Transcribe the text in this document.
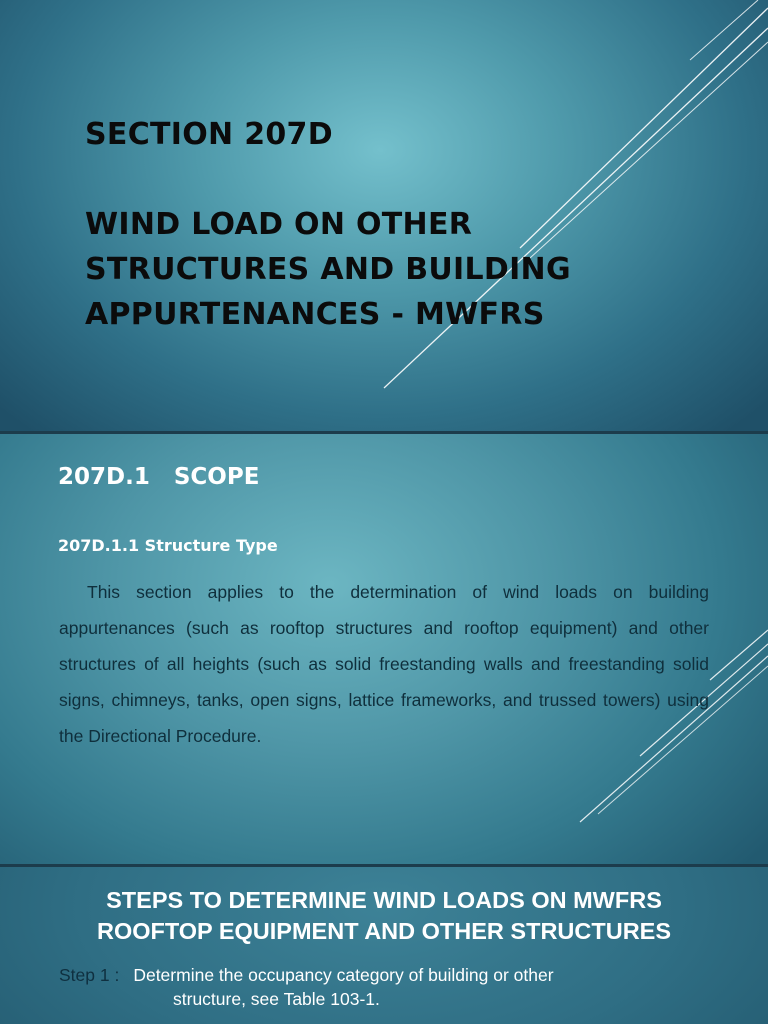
SECTION 207D

WIND LOAD ON OTHER
STRUCTURES AND BUILDING
APPURTENANCES - MWFRS
207D.1   SCOPE
207D.1.1 Structure Type

This section applies to the determination of wind loads on building appurtenances (such as rooftop structures and rooftop equipment) and other structures of all heights (such as solid freestanding walls and freestanding solid signs, chimneys, tanks, open signs, lattice frameworks, and trussed towers) using the Directional Procedure.

STEPS TO DETERMINE WIND LOADS ON MWFRS
ROOFTOP EQUIPMENT AND OTHER STRUCTURES

Step 1 : Determine the occupancy category of building or other
structure, see Table 103-1.
